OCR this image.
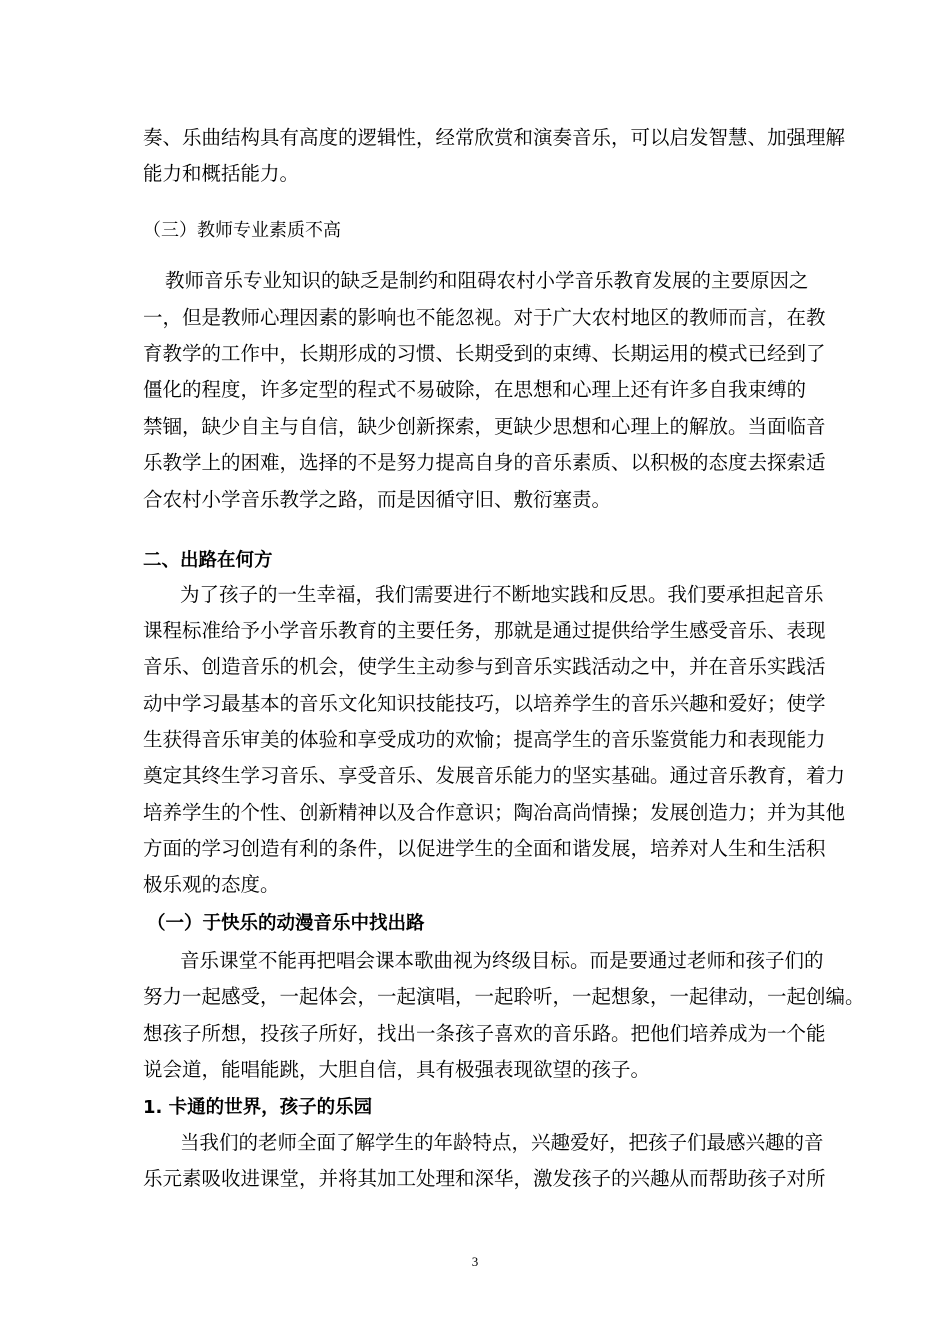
奏、乐曲结构具有高度的逻辑性，经常欣赏和演奏音乐，可以启发智慧、加强理解
能力和概括能力。
（三）教师专业素质不高
教师音乐专业知识的缺乏是制约和阻碍农村小学音乐教育发展的主要原因之
一，但是教师心理因素的影响也不能忽视。对于广大农村地区的教师而言，在教
育教学的工作中，长期形成的习惯、长期受到的束缚、长期运用的模式已经到了
僵化的程度，许多定型的程式不易破除，在思想和心理上还有许多自我束缚的
禁锢，缺少自主与自信，缺少创新探索，更缺少思想和心理上的解放。当面临音
乐教学上的困难，选择的不是努力提高自身的音乐素质、以积极的态度去探索适
合农村小学音乐教学之路，而是因循守旧、敷衍塞责。
二、出路在何方
为了孩子的一生幸福，我们需要进行不断地实践和反思。我们要承担起音乐
课程标准给予小学音乐教育的主要任务，那就是通过提供给学生感受音乐、表现
音乐、创造音乐的机会，使学生主动参与到音乐实践活动之中，并在音乐实践活
动中学习最基本的音乐文化知识技能技巧，以培养学生的音乐兴趣和爱好；使学
生获得音乐审美的体验和享受成功的欢愉；提高学生的音乐鉴赏能力和表现能力
奠定其终生学习音乐、享受音乐、发展音乐能力的坚实基础。通过音乐教育，着力
培养学生的个性、创新精神以及合作意识；陶冶高尚情操；发展创造力；并为其他
方面的学习创造有利的条件，以促进学生的全面和谐发展，培养对人生和生活积
极乐观的态度。
（一）于快乐的动漫音乐中找出路
音乐课堂不能再把唱会课本歌曲视为终级目标。而是要通过老师和孩子们的
努力一起感受，一起体会，一起演唱，一起聆听，一起想象，一起律动，一起创编。
想孩子所想，投孩子所好，找出一条孩子喜欢的音乐路。把他们培养成为一个能
说会道，能唱能跳，大胆自信，具有极强表现欲望的孩子。
1. 卡通的世界，孩子的乐园
当我们的老师全面了解学生的年龄特点，兴趣爱好，把孩子们最感兴趣的音
乐元素吸收进课堂，并将其加工处理和深华，激发孩子的兴趣从而帮助孩子对所
3
